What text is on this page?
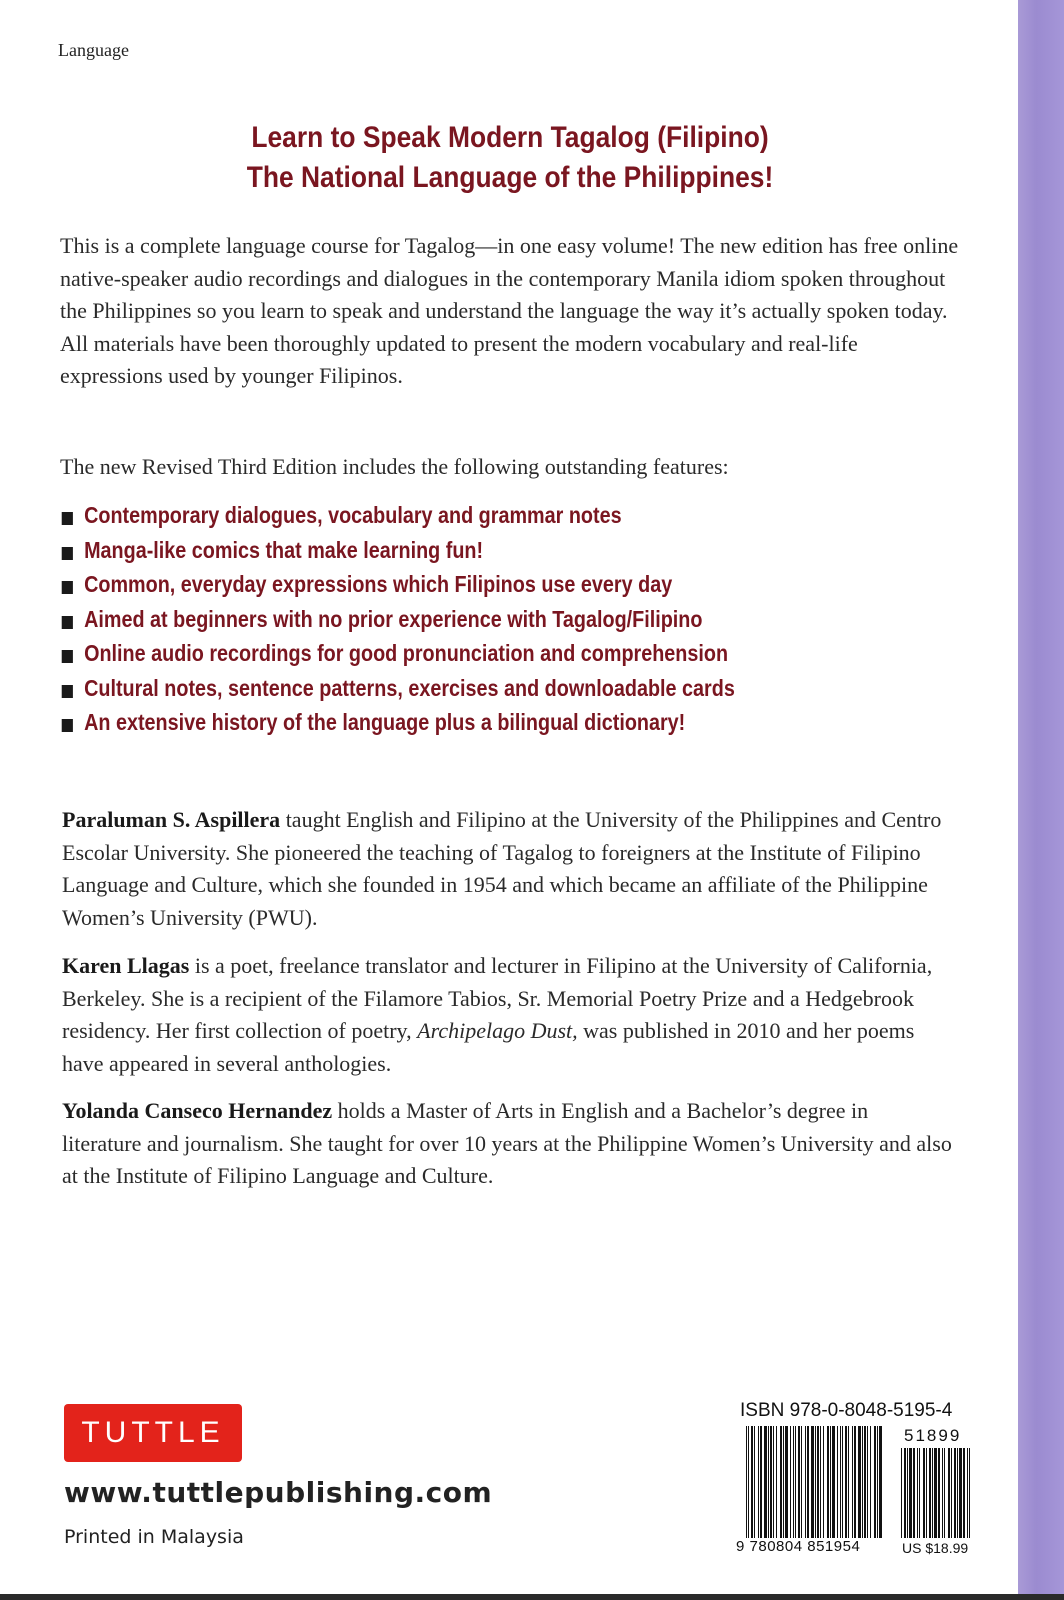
Language
Learn to Speak Modern Tagalog (Filipino)
The National Language of the Philippines!
This is a complete language course for Tagalog—in one easy volume! The new edition has free online native-speaker audio recordings and dialogues in the contemporary Manila idiom spoken throughout the Philippines so you learn to speak and understand the language the way it’s actually spoken today. All materials have been thoroughly updated to present the modern vocabulary and real-life expressions used by younger Filipinos.
The new Revised Third Edition includes the following outstanding features:
Contemporary dialogues, vocabulary and grammar notes
Manga-like comics that make learning fun!
Common, everyday expressions which Filipinos use every day
Aimed at beginners with no prior experience with Tagalog/Filipino
Online audio recordings for good pronunciation and comprehension
Cultural notes, sentence patterns, exercises and downloadable cards
An extensive history of the language plus a bilingual dictionary!
Paraluman S. Aspillera taught English and Filipino at the University of the Philippines and Centro Escolar University. She pioneered the teaching of Tagalog to foreigners at the Institute of Filipino Language and Culture, which she founded in 1954 and which became an affiliate of the Philippine Women’s University (PWU).
Karen Llagas is a poet, freelance translator and lecturer in Filipino at the University of California, Berkeley. She is a recipient of the Filamore Tabios, Sr. Memorial Poetry Prize and a Hedgebrook residency. Her first collection of poetry, Archipelago Dust, was published in 2010 and her poems have appeared in several anthologies.
Yolanda Canseco Hernandez holds a Master of Arts in English and a Bachelor’s degree in literature and journalism. She taught for over 10 years at the Philippine Women’s University and also at the Institute of Filipino Language and Culture.
TUTTLE
www.tuttlepublishing.com
Printed in Malaysia
ISBN 978-0-8048-5195-4
51899
9 780804 851954	US $18.99
